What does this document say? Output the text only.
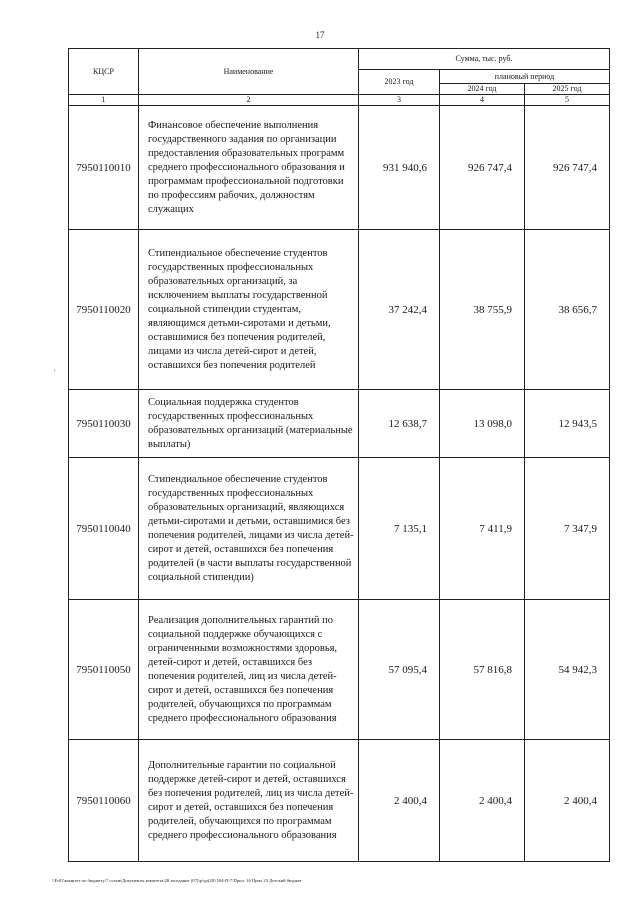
17
'
КЦСР	Наименование	Сумма, тыс. руб.		
		2023 год	плановый период	
			2024 год	2025 год
1	2	3	4	5
7950110010	Финансовое обеспечение выполнения государственного задания по организации предоставления образовательных программ среднего профессионального образования и программам профессиональной подготовки по профессиям рабочих, должностям служащих	931 940,6	926 747,4	926 747,4
7950110020	Стипендиальное обеспечение студентов государственных профессиональных образовательных организаций, за исключением выплаты государственной социальной стипендии студентам, являющимся детьми-сиротами и детьми, оставшимися без попечения родителей, лицами из числа детей-сирот и детей, оставшихся без попечения родителей	37 242,4	38 755,9	38 656,7
7950110030	Социальная поддержка студентов государственных профессиональных образовательных организаций (материальные выплаты)	12 638,7	13 098,0	12 943,5
7950110040	Стипендиальное обеспечение студентов государственных профессиональных образовательных организаций, являющихся детьми-сиротами и детьми, оставшимися без попечения родителей, лицами из числа детей-сирот и детей, оставшихся без попечения родителей (в части выплаты государственной социальной стипендии)	7 135,1	7 411,9	7 347,9
7950110050	Реализация дополнительных гарантий по социальной поддержке обучающихся с ограниченными возможностями здоровья, детей-сирот и детей, оставшихся без попечения родителей, лиц из числа детей-сирот и детей, оставшихся без попечения родителей, обучающихся по программам среднего профессионального образования	57 095,4	57 816,8	54 942,3
7950110060	Дополнительные гарантии по социальной поддержке детей-сирот и детей, оставшихся без попечения родителей, лиц из числа детей-сирот и детей, оставшихся без попечения родителей, обучающихся по программам среднего профессионального образования	2 400,4	2 400,4	2 400,4
\\Fs01\комитет по бюджету\7 созыв\Документы комитета\28 заседание (07)\p\ур(28) 504-П-7\Прил. 16 Прил 23 Детский бюджет
